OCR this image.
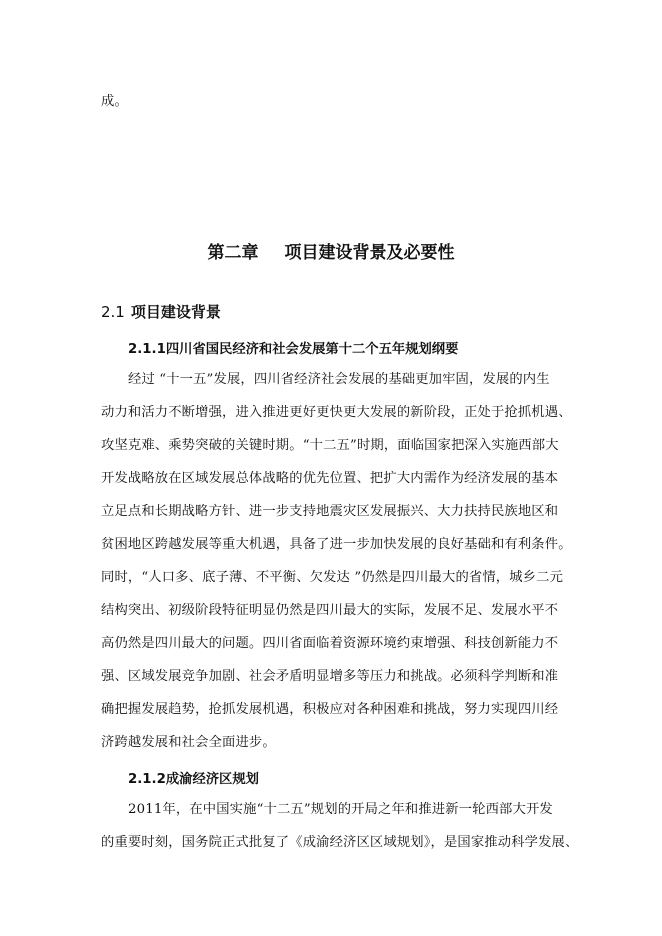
成。
第二章 项目建设背景及必要性
2.1 项目建设背景
2.1.1四川省国民经济和社会发展第十二个五年规划纲要
经过 “十一五”发展，四川省经济社会发展的基础更加牢固，发展的内生
动力和活力不断增强，进入推进更好更快更大发展的新阶段，正处于抢抓机遇、
攻坚克难、乘势突破的关键时期。“十二五”时期，面临国家把深入实施西部大
开发战略放在区域发展总体战略的优先位置、把扩大内需作为经济发展的基本
立足点和长期战略方针、进一步支持地震灾区发展振兴、大力扶持民族地区和
贫困地区跨越发展等重大机遇，具备了进一步加快发展的良好基础和有利条件。
同时，“人口多、底子薄、不平衡、欠发达 ”仍然是四川最大的省情，城乡二元
结构突出、初级阶段特征明显仍然是四川最大的实际，发展不足、发展水平不
高仍然是四川最大的问题。四川省面临着资源环境约束增强、科技创新能力不
强、区域发展竞争加剧、社会矛盾明显增多等压力和挑战。必须科学判断和准
确把握发展趋势，抢抓发展机遇，积极应对各种困难和挑战，努力实现四川经
济跨越发展和社会全面进步。
2.1.2成渝经济区规划
2011年，在中国实施“十二五”规划的开局之年和推进新一轮西部大开发
的重要时刻，国务院正式批复了《成渝经济区区域规划》，是国家推动科学发展、
